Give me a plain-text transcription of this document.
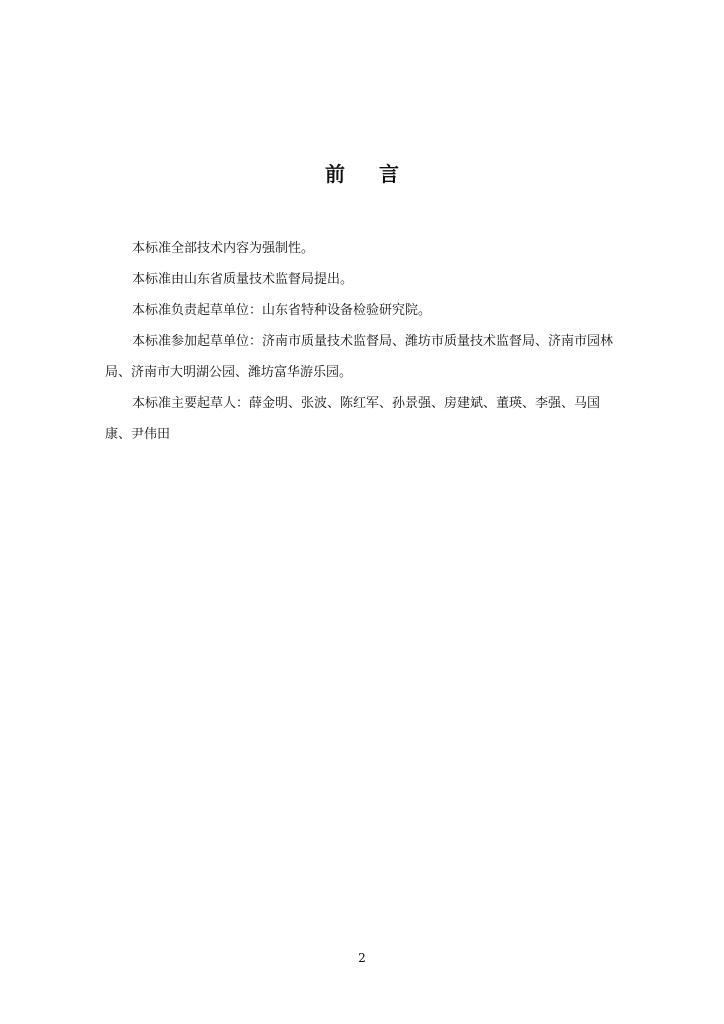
前 言

本标准全部技术内容为强制性。

本标准由山东省质量技术监督局提出。

本标准负责起草单位：山东省特种设备检验研究院。

本标准参加起草单位：济南市质量技术监督局、潍坊市质量技术监督局、济南市园林局、济南市大明湖公园、潍坊富华游乐园。

本标准主要起草人：薛金明、张波、陈红军、孙景强、房建斌、董瑛、李强、马国康、尹伟田

2
